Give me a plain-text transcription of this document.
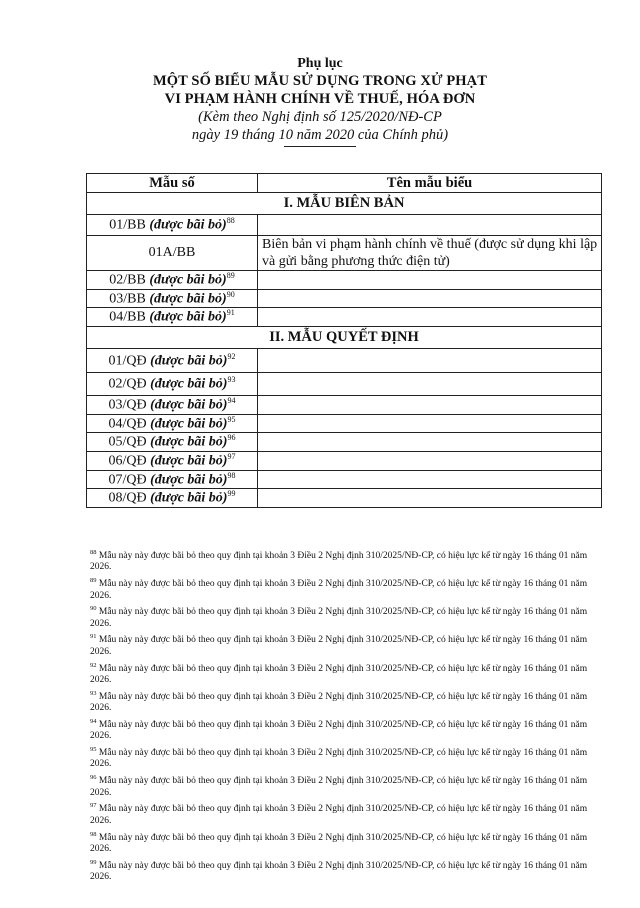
Phụ lục
MỘT SỐ BIỂU MẪU SỬ DỤNG TRONG XỬ PHẠT
VI PHẠM HÀNH CHÍNH VỀ THUẾ, HÓA ĐƠN
(Kèm theo Nghị định số 125/2020/NĐ-CP
ngày 19 tháng 10 năm 2020 của Chính phủ)
Mẫu số	Tên mẫu biểu
I. MẪU BIÊN BẢN	
01/BB (được bãi bỏ)$^{88}$	
01A/BB	Biên bản vi phạm hành chính về thuế (được sử dụng khi lập và gửi bằng phương thức điện tử)
02/BB (được bãi bỏ)$^{89}$	
03/BB (được bãi bỏ)$^{90}$	
04/BB (được bãi bỏ)$^{91}$	
II. MẪU QUYẾT ĐỊNH	
01/QĐ (được bãi bỏ)$^{92}$	
02/QĐ (được bãi bỏ)$^{93}$	
03/QĐ (được bãi bỏ)$^{94}$	
04/QĐ (được bãi bỏ)$^{95}$	
05/QĐ (được bãi bỏ)$^{96}$	
06/QĐ (được bãi bỏ)$^{97}$	
07/QĐ (được bãi bỏ)$^{98}$	
08/QĐ (được bãi bỏ)$^{99}$	
$^{88}$ Mẫu này này được bãi bỏ theo quy định tại khoản 3 Điều 2 Nghị định 310/2025/NĐ-CP, có hiệu lực kể từ ngày 16 tháng 01 năm 2026.
$^{89}$ Mẫu này này được bãi bỏ theo quy định tại khoản 3 Điều 2 Nghị định 310/2025/NĐ-CP, có hiệu lực kể từ ngày 16 tháng 01 năm 2026.
$^{90}$ Mẫu này này được bãi bỏ theo quy định tại khoản 3 Điều 2 Nghị định 310/2025/NĐ-CP, có hiệu lực kể từ ngày 16 tháng 01 năm 2026.
$^{91}$ Mẫu này này được bãi bỏ theo quy định tại khoản 3 Điều 2 Nghị định 310/2025/NĐ-CP, có hiệu lực kể từ ngày 16 tháng 01 năm 2026.
$^{92}$ Mẫu này này được bãi bỏ theo quy định tại khoản 3 Điều 2 Nghị định 310/2025/NĐ-CP, có hiệu lực kể từ ngày 16 tháng 01 năm 2026.
$^{93}$ Mẫu này này được bãi bỏ theo quy định tại khoản 3 Điều 2 Nghị định 310/2025/NĐ-CP, có hiệu lực kể từ ngày 16 tháng 01 năm 2026.
$^{94}$ Mẫu này này được bãi bỏ theo quy định tại khoản 3 Điều 2 Nghị định 310/2025/NĐ-CP, có hiệu lực kể từ ngày 16 tháng 01 năm 2026.
$^{95}$ Mẫu này này được bãi bỏ theo quy định tại khoản 3 Điều 2 Nghị định 310/2025/NĐ-CP, có hiệu lực kể từ ngày 16 tháng 01 năm 2026.
$^{96}$ Mẫu này này được bãi bỏ theo quy định tại khoản 3 Điều 2 Nghị định 310/2025/NĐ-CP, có hiệu lực kể từ ngày 16 tháng 01 năm 2026.
$^{97}$ Mẫu này này được bãi bỏ theo quy định tại khoản 3 Điều 2 Nghị định 310/2025/NĐ-CP, có hiệu lực kể từ ngày 16 tháng 01 năm 2026.
$^{98}$ Mẫu này này được bãi bỏ theo quy định tại khoản 3 Điều 2 Nghị định 310/2025/NĐ-CP, có hiệu lực kể từ ngày 16 tháng 01 năm 2026.
$^{99}$ Mẫu này này được bãi bỏ theo quy định tại khoản 3 Điều 2 Nghị định 310/2025/NĐ-CP, có hiệu lực kể từ ngày 16 tháng 01 năm 2026.
